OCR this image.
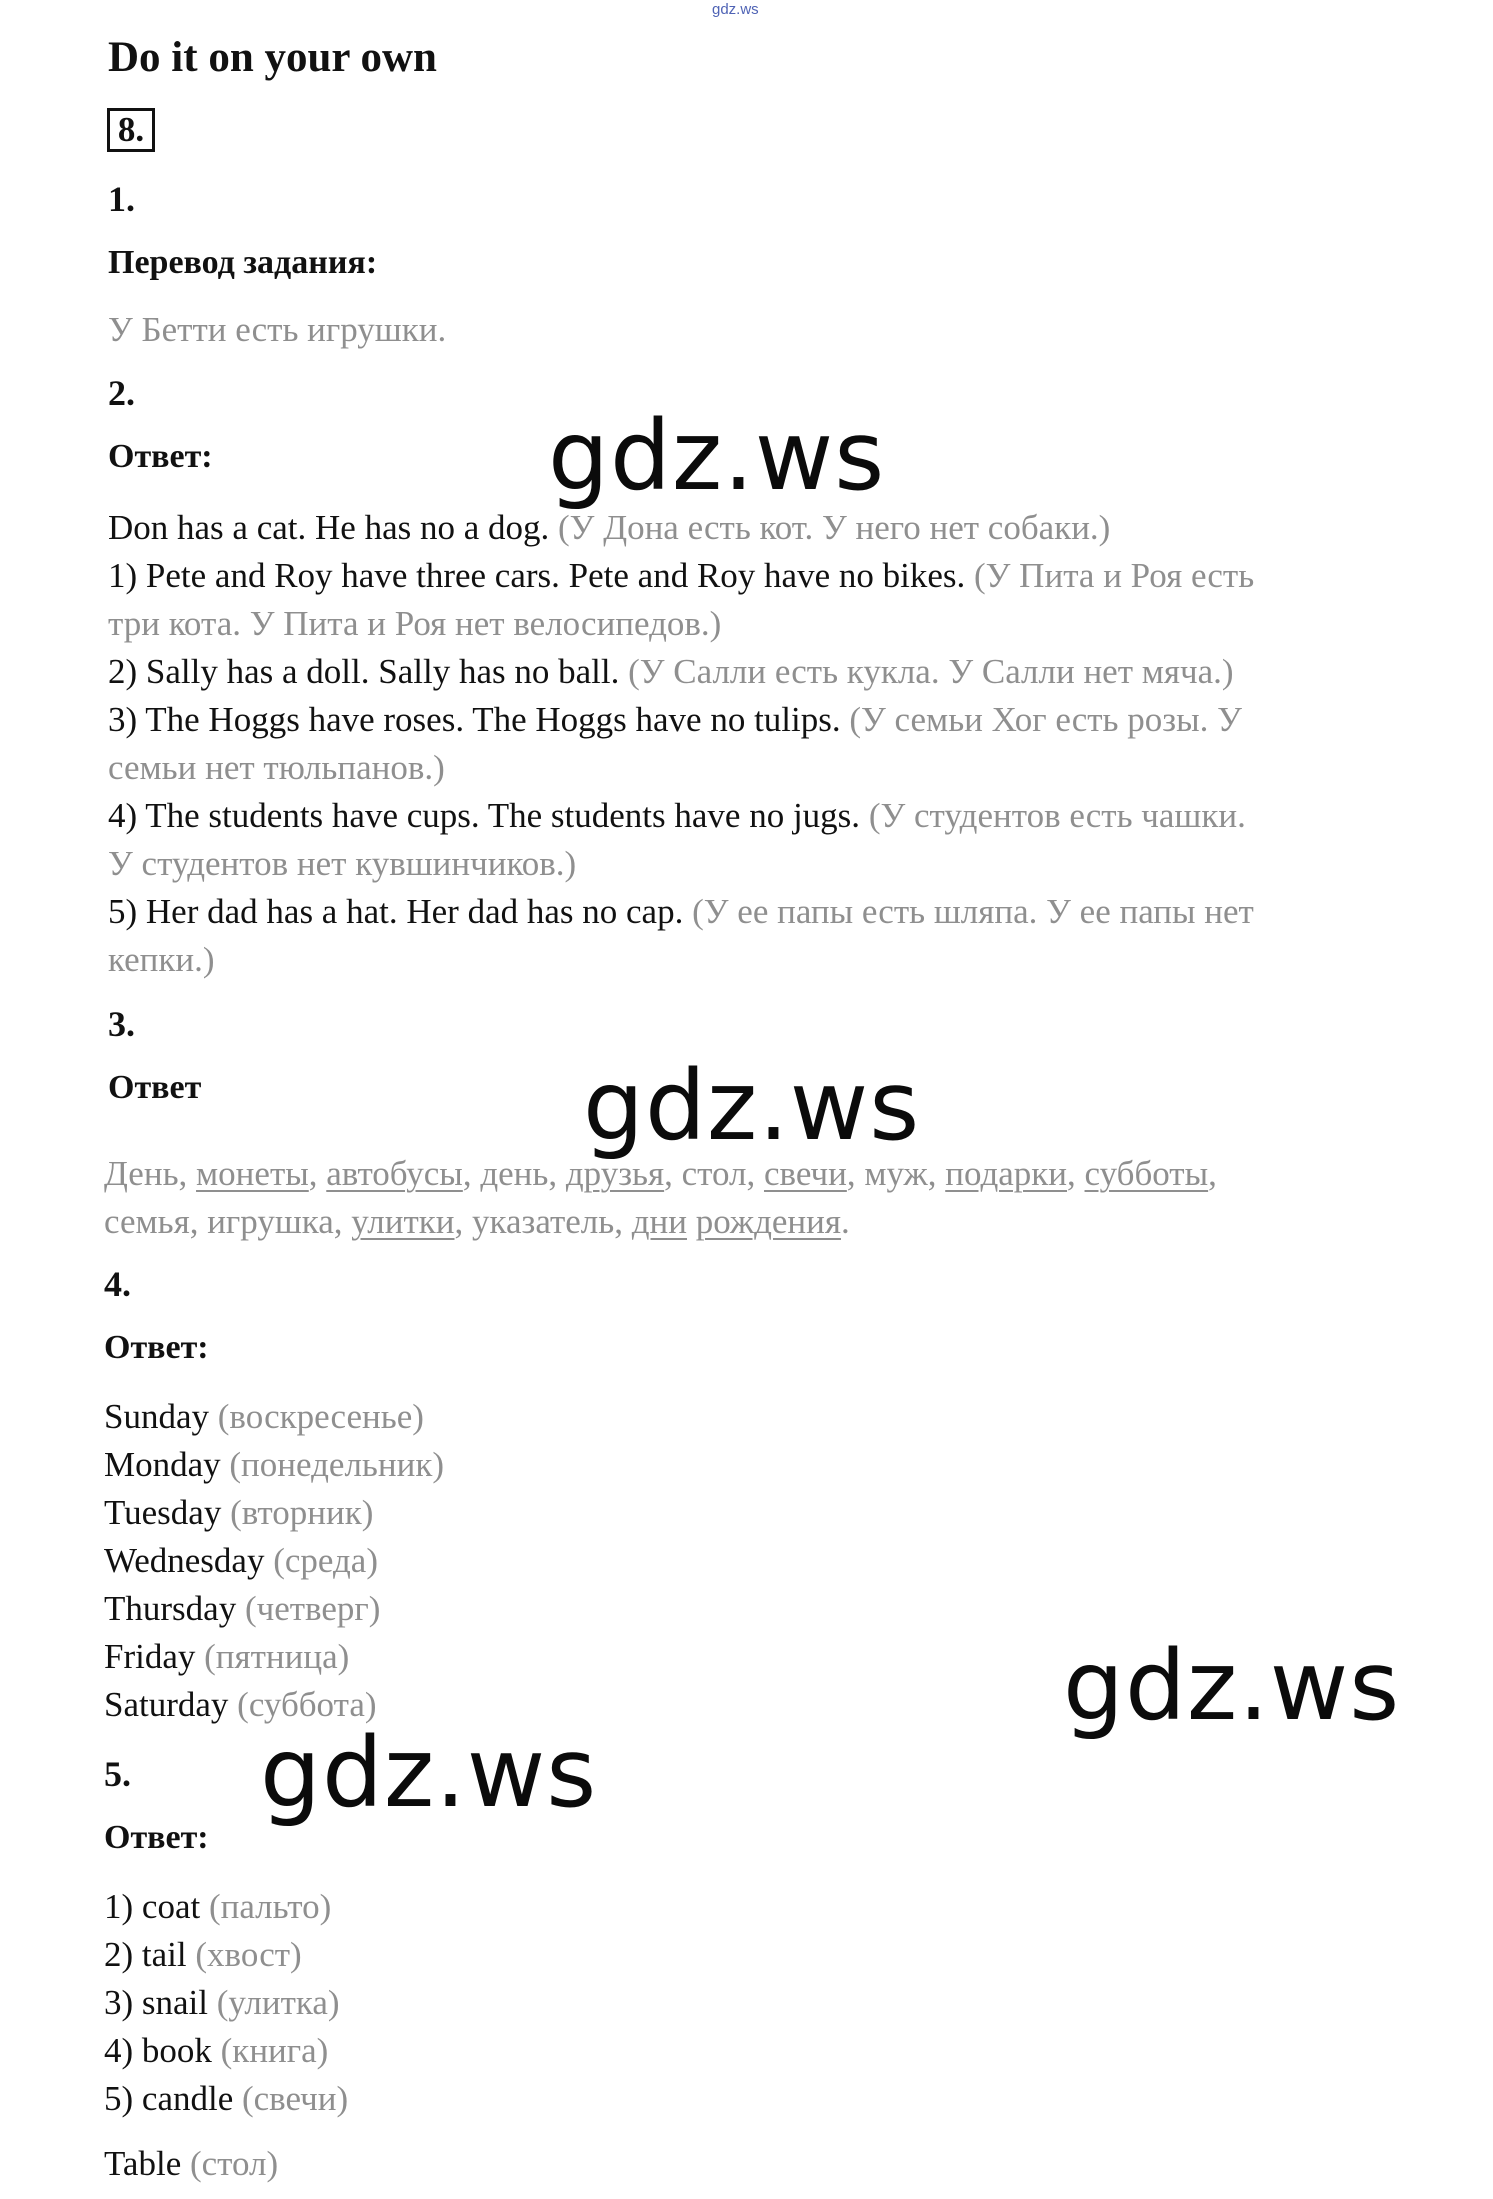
gdz.ws
Do it on your own
8.
1.
Перевод задания:
У Бетти есть игрушки.
2.
Ответ:
Don has a cat. He has no a dog. (У Дона есть кот. У него нет собаки.)
1) Pete and Roy have three cars. Pete and Roy have no bikes. (У Пита и Роя есть
три кота. У Пита и Роя нет велосипедов.)
2) Sally has a doll. Sally has no ball. (У Салли есть кукла. У Салли нет мяча.)
3) The Hoggs have roses. The Hoggs have no tulips. (У семьи Хог есть розы. У
семьи нет тюльпанов.)
4) The students have cups. The students have no jugs. (У студентов есть чашки.
У студентов нет кувшинчиков.)
5) Her dad has a hat. Her dad has no cap. (У ее папы есть шляпа. У ее папы нет
кепки.)
3.
Ответ
День, монеты, автобусы, день, друзья, стол, свечи, муж, подарки, субботы,
семья, игрушка, улитки, указатель, дни рождения.
4.
Ответ:
Sunday (воскресенье)
Monday (понедельник)
Tuesday (вторник)
Wednesday (среда)
Thursday (четверг)
Friday (пятница)
Saturday (суббота)
5.
Ответ:
1) coat (пальто)
2) tail (хвост)
3) snail (улитка)
4) book (книга)
5) candle (свечи)
Table (стол)
gdz.ws
gdz.ws
gdz.ws
gdz.ws
